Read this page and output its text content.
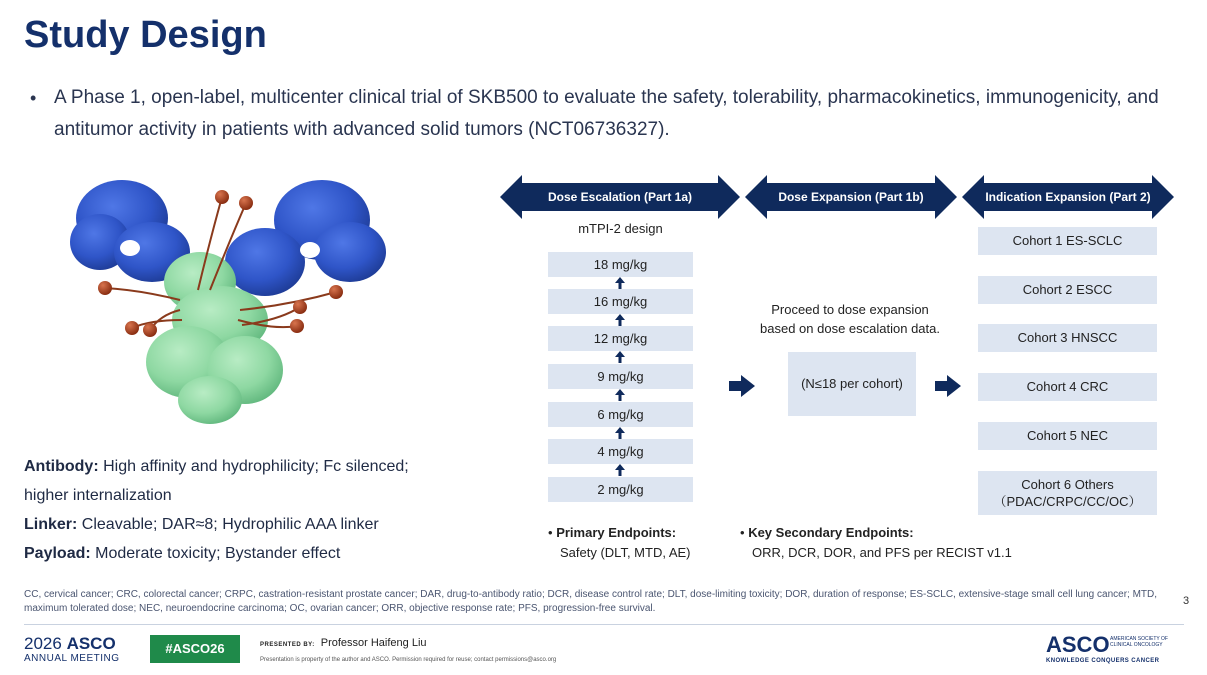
Study Design
• A Phase 1, open-label, multicenter clinical trial of SKB500 to evaluate the safety, tolerability, pharmacokinetics, immunogenicity, and antitumor activity in patients with advanced solid tumors (NCT06736327).
Antibody: High affinity and hydrophilicity; Fc silenced;
higher internalization
Linker: Cleavable; DAR≈8; Hydrophilic AAA linker
Payload: Moderate toxicity; Bystander effect
Dose Escalation (Part 1a)	Dose Expansion (Part 1b)	Indication Expansion (Part 2)
mTPI-2 design
18 mg/kg
16 mg/kg
12 mg/kg
9 mg/kg
6 mg/kg
4 mg/kg
2 mg/kg
Proceed to dose expansion
based on dose escalation data.
(N≤18 per cohort)
Cohort 1 ES-SCLC
Cohort 2 ESCC
Cohort 3 HNSCC
Cohort 4 CRC
Cohort 5 NEC
Cohort 6 Others
（PDAC/CRPC/CC/OC）
• Primary Endpoints:
Safety (DLT, MTD, AE)
• Key Secondary Endpoints:
ORR, DCR, DOR, and PFS per RECIST v1.1
CC, cervical cancer; CRC, colorectal cancer; CRPC, castration-resistant prostate cancer; DAR, drug-to-antibody ratio; DCR, disease control rate; DLT, dose-limiting toxicity; DOR, duration of response; ES-SCLC, extensive-stage small cell lung cancer; MTD, maximum tolerated dose; NEC, neuroendocrine carcinoma; OC, ovarian cancer; ORR, objective response rate; PFS, progression-free survival.
3
2026 ASCO
ANNUAL MEETING
#ASCO26	PRESENTED BY: Professor Haifeng Liu
Presentation is property of the author and ASCO. Permission required for reuse; contact permissions@asco.org
ASCO AMERICAN SOCIETY OF CLINICAL ONCOLOGY
KNOWLEDGE CONQUERS CANCER
